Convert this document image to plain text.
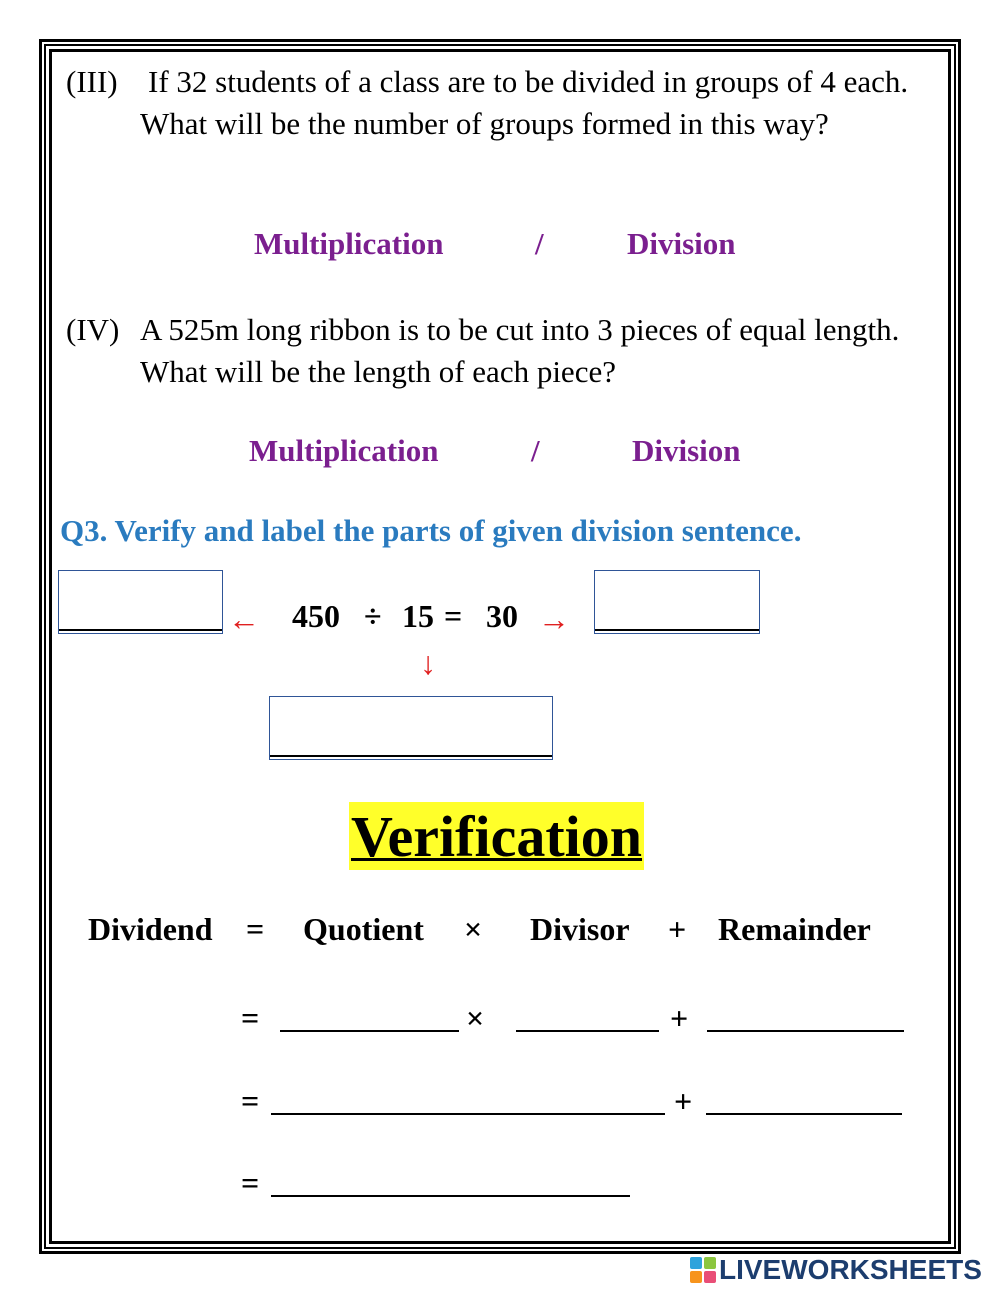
(III) If 32 students of a class are to be divided in groups of 4 each. What will be the number of groups formed in this way?
Multiplication	/	Division
(IV) A 525m long ribbon is to be cut into 3 pieces of equal length. What will be the length of each piece?
Multiplication	/	Division
Q3. Verify and label the parts of given division sentence.
← 450 ÷ 15 = 30 →
↓
Verification
Dividend = Quotient × Divisor + Remainder
=	×	+
=	+
=
LIVEWORKSHEETS
